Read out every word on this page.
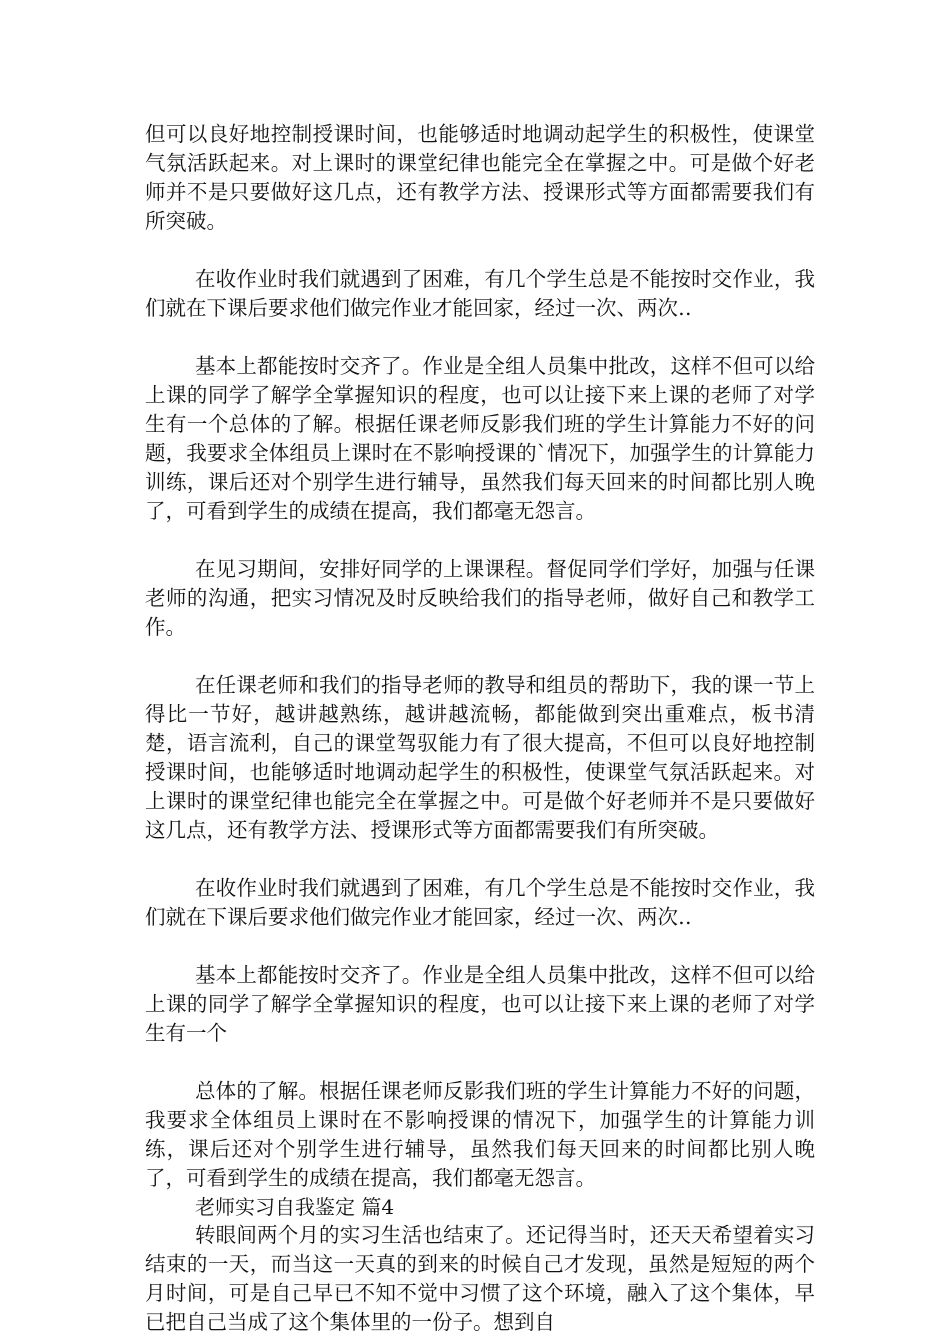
但可以良好地控制授课时间，也能够适时地调动起学生的积极性，使课堂气氛活跃起来。对上课时的课堂纪律也能完全在掌握之中。可是做个好老师并不是只要做好这几点，还有教学方法、授课形式等方面都需要我们有所突破。

在收作业时我们就遇到了困难，有几个学生总是不能按时交作业，我们就在下课后要求他们做完作业才能回家，经过一次、两次‥

基本上都能按时交齐了。作业是全组人员集中批改，这样不但可以给上课的同学了解学全掌握知识的程度，也可以让接下来上课的老师了对学生有一个总体的了解。根据任课老师反影我们班的学生计算能力不好的问题，我要求全体组员上课时在不影响授课的`情况下，加强学生的计算能力训练，课后还对个别学生进行辅导，虽然我们每天回来的时间都比别人晚了，可看到学生的成绩在提高，我们都毫无怨言。

在见习期间，安排好同学的上课课程。督促同学们学好，加强与任课老师的沟通，把实习情况及时反映给我们的指导老师，做好自己和教学工作。

在任课老师和我们的指导老师的教导和组员的帮助下，我的课一节上得比一节好，越讲越熟练，越讲越流畅，都能做到突出重难点，板书清楚，语言流利，自己的课堂驾驭能力有了很大提高，不但可以良好地控制授课时间，也能够适时地调动起学生的积极性，使课堂气氛活跃起来。对上课时的课堂纪律也能完全在掌握之中。可是做个好老师并不是只要做好这几点，还有教学方法、授课形式等方面都需要我们有所突破。

在收作业时我们就遇到了困难，有几个学生总是不能按时交作业，我们就在下课后要求他们做完作业才能回家，经过一次、两次‥

基本上都能按时交齐了。作业是全组人员集中批改，这样不但可以给上课的同学了解学全掌握知识的程度，也可以让接下来上课的老师了对学生有一个

总体的了解。根据任课老师反影我们班的学生计算能力不好的问题，我要求全体组员上课时在不影响授课的情况下，加强学生的计算能力训练，课后还对个别学生进行辅导，虽然我们每天回来的时间都比别人晚了，可看到学生的成绩在提高，我们都毫无怨言。

老师实习自我鉴定 篇4

转眼间两个月的实习生活也结束了。还记得当时，还天天希望着实习结束的一天，而当这一天真的到来的时候自己才发现，虽然是短短的两个月时间，可是自己早已不知不觉中习惯了这个环境，融入了这个集体，早已把自己当成了这个集体里的一份子。想到自
